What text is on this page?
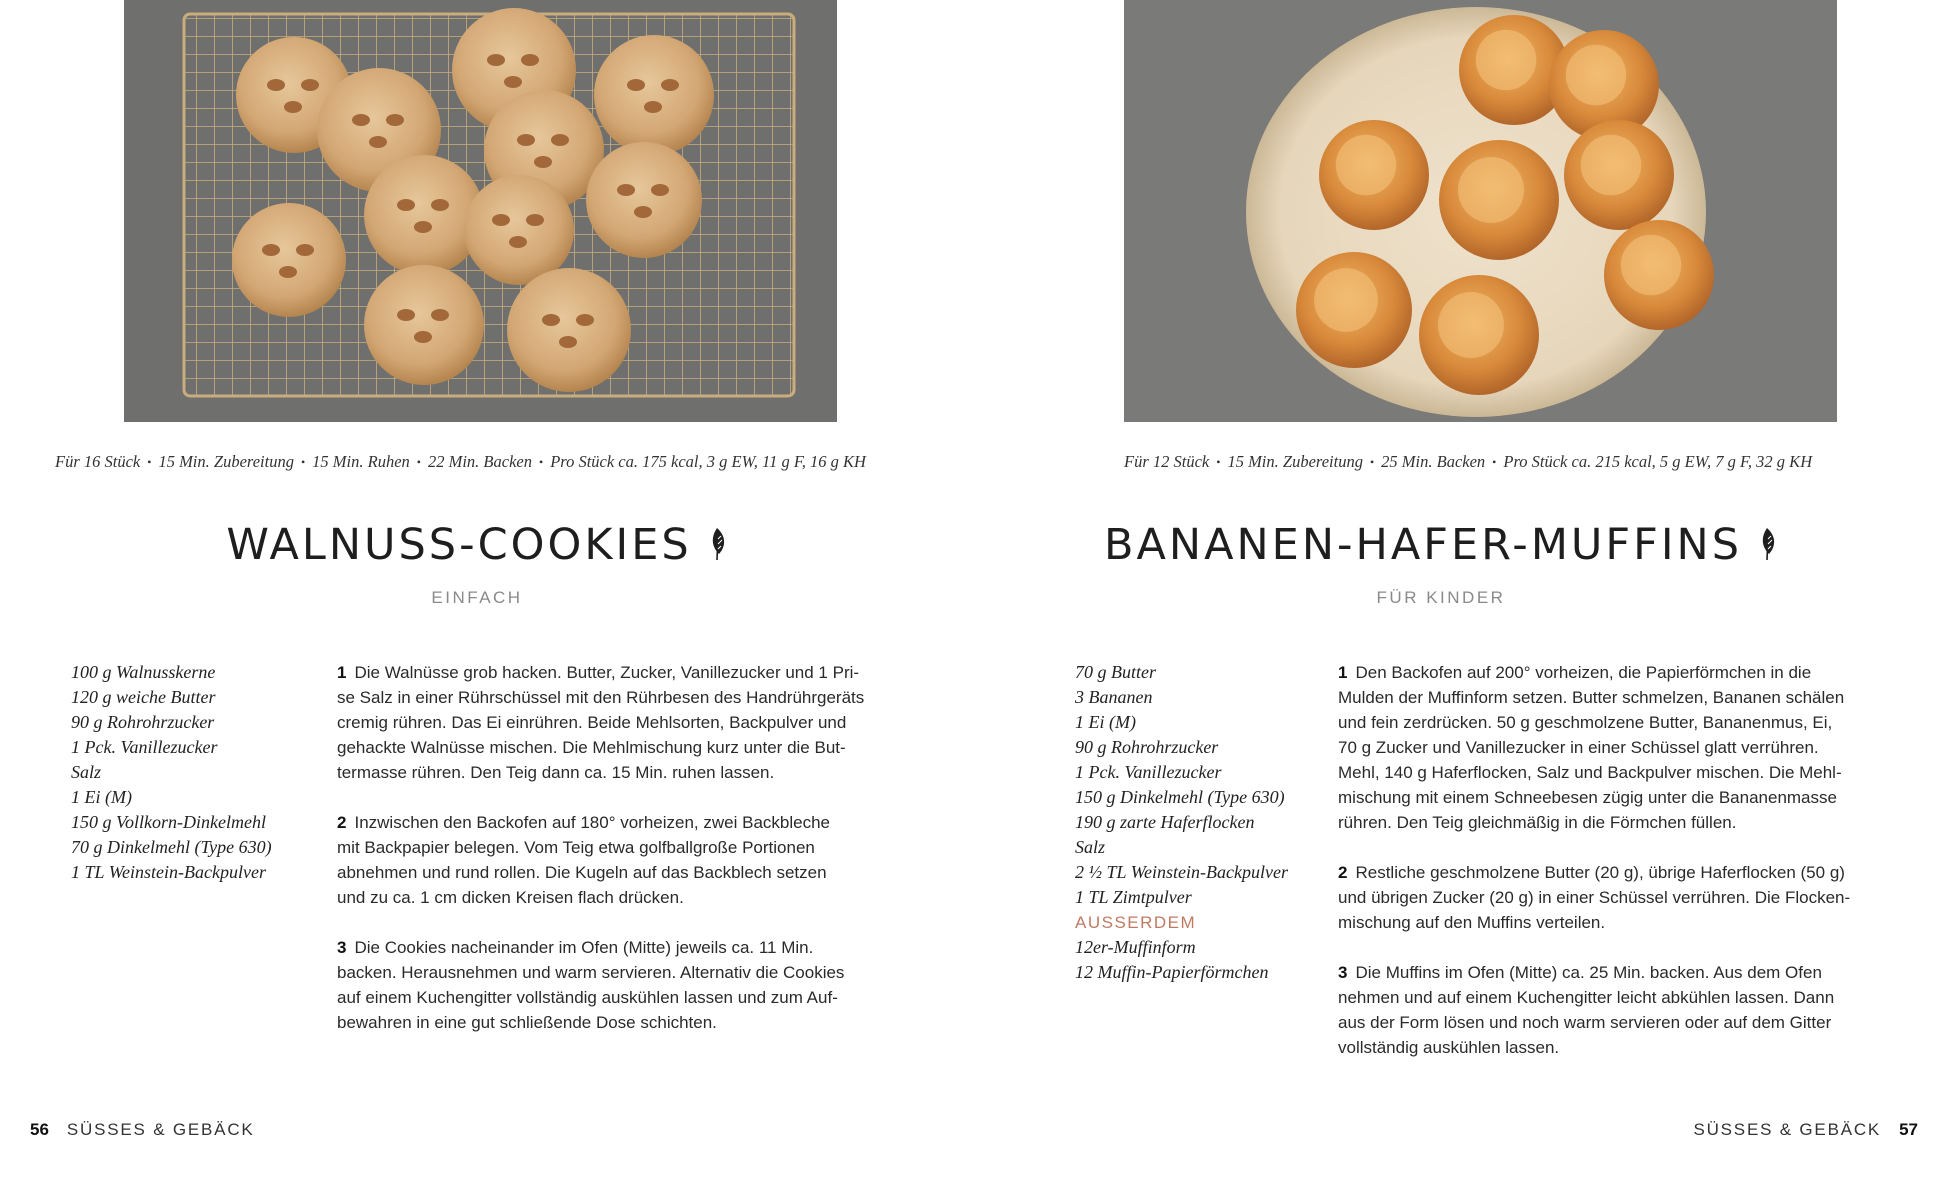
Für 16 Stück • 15 Min. Zubereitung • 15 Min. Ruhen • 22 Min. Backen • Pro Stück ca. 175 kcal, 3 g EW, 11 g F, 16 g KH
WALNUSS-COOKIES
EINFACH
100 g Walnusskerne
120 g weiche Butter
90 g Rohrohrzucker
1 Pck. Vanillezucker
Salz
1 Ei (M)
150 g Vollkorn-Dinkelmehl
70 g Dinkelmehl (Type 630)
1 TL Weinstein-Backpulver
1 Die Walnüsse grob hacken. Butter, Zucker, Vanillezucker und 1 Pri-
se Salz in einer Rührschüssel mit den Rührbesen des Handrührgeräts
cremig rühren. Das Ei einrühren. Beide Mehlsorten, Backpulver und
gehackte Walnüsse mischen. Die Mehlmischung kurz unter die But-
termasse rühren. Den Teig dann ca. 15 Min. ruhen lassen.
2 Inzwischen den Backofen auf 180° vorheizen, zwei Backbleche
mit Backpapier belegen. Vom Teig etwa golfballgroße Portionen
abnehmen und rund rollen. Die Kugeln auf das Backblech setzen
und zu ca. 1 cm dicken Kreisen flach drücken.
3 Die Cookies nacheinander im Ofen (Mitte) jeweils ca. 11 Min.
backen. Herausnehmen und warm servieren. Alternativ die Cookies
auf einem Kuchengitter vollständig auskühlen lassen und zum Auf-
bewahren in eine gut schließende Dose schichten.
56 SÜSSES & GEBÄCK
Für 12 Stück • 15 Min. Zubereitung • 25 Min. Backen • Pro Stück ca. 215 kcal, 5 g EW, 7 g F, 32 g KH
BANANEN-HAFER-MUFFINS
FÜR KINDER
70 g Butter
3 Bananen
1 Ei (M)
90 g Rohrohrzucker
1 Pck. Vanillezucker
150 g Dinkelmehl (Type 630)
190 g zarte Haferflocken
Salz
2 ½ TL Weinstein-Backpulver
1 TL Zimtpulver
AUSSERDEM
12er-Muffinform
12 Muffin-Papierförmchen
1 Den Backofen auf 200° vorheizen, die Papierförmchen in die
Mulden der Muffinform setzen. Butter schmelzen, Bananen schälen
und fein zerdrücken. 50 g geschmolzene Butter, Bananenmus, Ei,
70 g Zucker und Vanillezucker in einer Schüssel glatt verrühren.
Mehl, 140 g Haferflocken, Salz und Backpulver mischen. Die Mehl-
mischung mit einem Schneebesen zügig unter die Bananenmasse
rühren. Den Teig gleichmäßig in die Förmchen füllen.
2 Restliche geschmolzene Butter (20 g), übrige Haferflocken (50 g)
und übrigen Zucker (20 g) in einer Schüssel verrühren. Die Flocken-
mischung auf den Muffins verteilen.
3 Die Muffins im Ofen (Mitte) ca. 25 Min. backen. Aus dem Ofen
nehmen und auf einem Kuchengitter leicht abkühlen lassen. Dann
aus der Form lösen und noch warm servieren oder auf dem Gitter
vollständig auskühlen lassen.
SÜSSES & GEBÄCK 57
